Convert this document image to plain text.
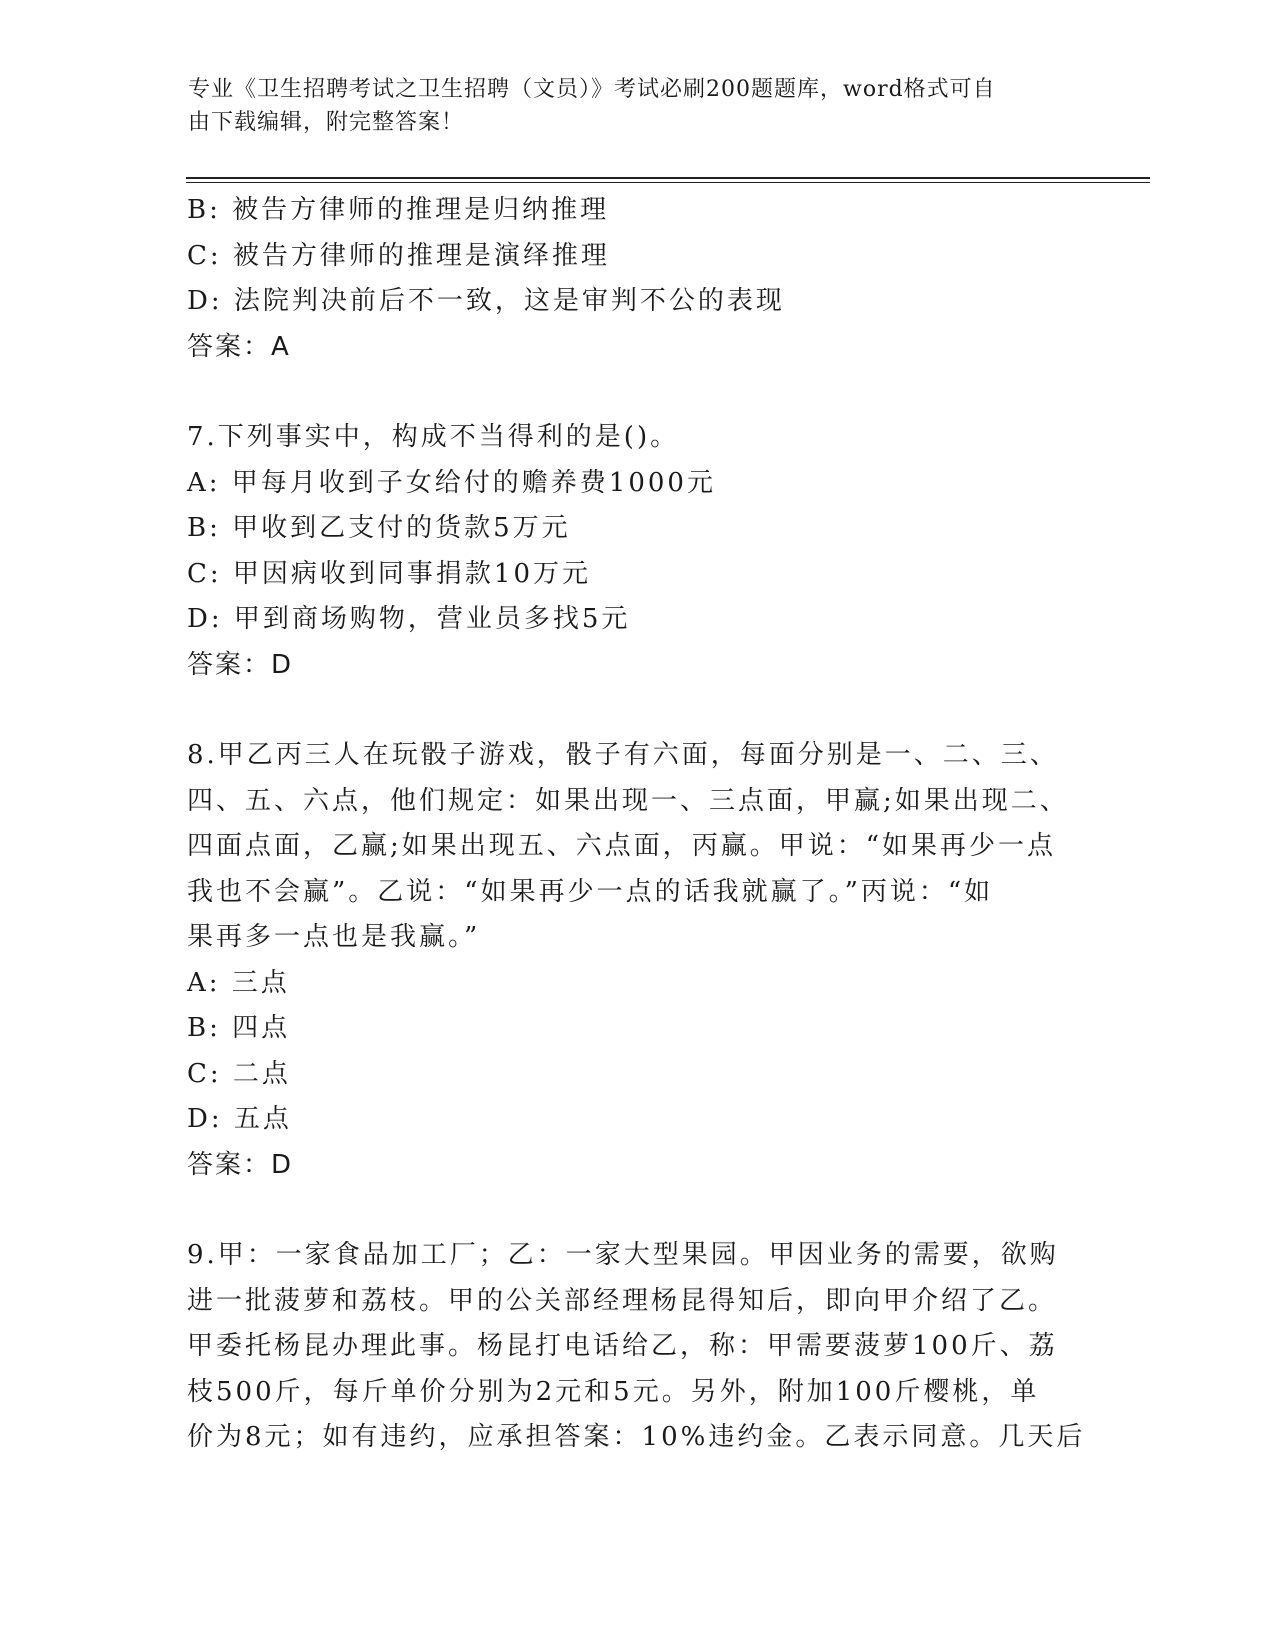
专业《卫生招聘考试之卫生招聘（文员）》考试必刷200题题库，word格式可自

由下载编辑，附完整答案！

B: 被告方律师的推理是归纳推理

C: 被告方律师的推理是演绎推理

D: 法院判决前后不一致，这是审判不公的表现

答案：A

7.下列事实中，构成不当得利的是()。

A: 甲每月收到子女给付的赡养费1000元

B: 甲收到乙支付的货款5万元

C: 甲因病收到同事捐款10万元

D: 甲到商场购物，营业员多找5元

答案：D

8.甲乙丙三人在玩骰子游戏，骰子有六面，每面分别是一、二、三、

四、五、六点，他们规定：如果出现一、三点面，甲赢;如果出现二、

四面点面，乙赢;如果出现五、六点面，丙赢。甲说：“如果再少一点

我也不会赢”。乙说：“如果再少一点的话我就赢了。”丙说：“如

果再多一点也是我赢。”

A: 三点

B: 四点

C: 二点

D: 五点

答案：D

9.甲：一家食品加工厂；乙：一家大型果园。甲因业务的需要，欲购

进一批菠萝和荔枝。甲的公关部经理杨昆得知后，即向甲介绍了乙。

甲委托杨昆办理此事。杨昆打电话给乙，称：甲需要菠萝100斤、荔

枝500斤，每斤单价分别为2元和5元。另外，附加100斤樱桃，单

价为8元；如有违约，应承担答案：10%违约金。乙表示同意。几天后
